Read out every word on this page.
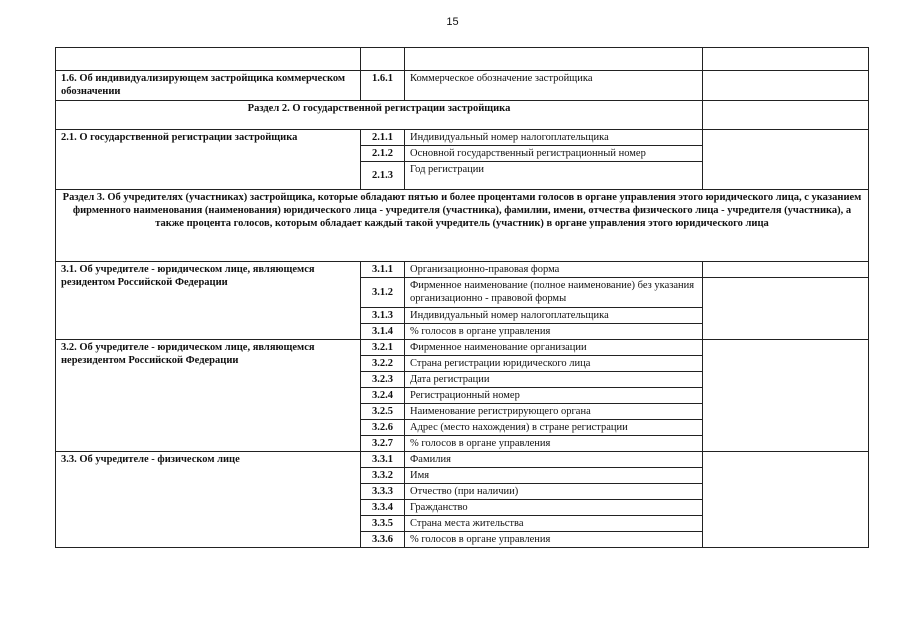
15

1.6. Об индивидуализирующем застройщика коммерческом обозначении	1.6.1	Коммерческое обозначение застройщика	
Раздел 2. О государственной регистрации застройщика			
2.1. О государственной регистрации застройщика	2.1.1	Индивидуальный номер налогоплательщика	
	2.1.2	Основной государственный регистрационный номер	
	2.1.3	Год регистрации	
Раздел 3. Об учредителях (участниках) застройщика, которые обладают пятью и более процентами голосов в органе управления этого юридического лица, с указанием фирменного наименования (наименования) юридического лица - учредителя (участника), фамилии, имени, отчества физического лица - учредителя (участника), а также процента голосов, которым обладает каждый такой учредитель (участник) в органе управления этого юридического лица			
3.1. Об учредителе - юридическом лице, являющемся резидентом Российской Федерации	3.1.1	Организационно-правовая форма	
	3.1.2	Фирменное наименование (полное наименование) без указания организационно - правовой формы	
	3.1.3	Индивидуальный номер налогоплательщика	
	3.1.4	% голосов в органе управления	
3.2. Об учредителе - юридическом лице, являющемся нерезидентом Российской Федерации	3.2.1	Фирменное наименование организации	
	3.2.2	Страна регистрации юридического лица	
	3.2.3	Дата регистрации	
	3.2.4	Регистрационный номер	
	3.2.5	Наименование регистрирующего органа	
	3.2.6	Адрес (место нахождения) в стране регистрации	
	3.2.7	% голосов в органе управления	
3.3. Об учредителе - физическом лице	3.3.1	Фамилия	
	3.3.2	Имя	
	3.3.3	Отчество (при наличии)	
	3.3.4	Гражданство	
	3.3.5	Страна места жительства	
	3.3.6	% голосов в органе управления	
